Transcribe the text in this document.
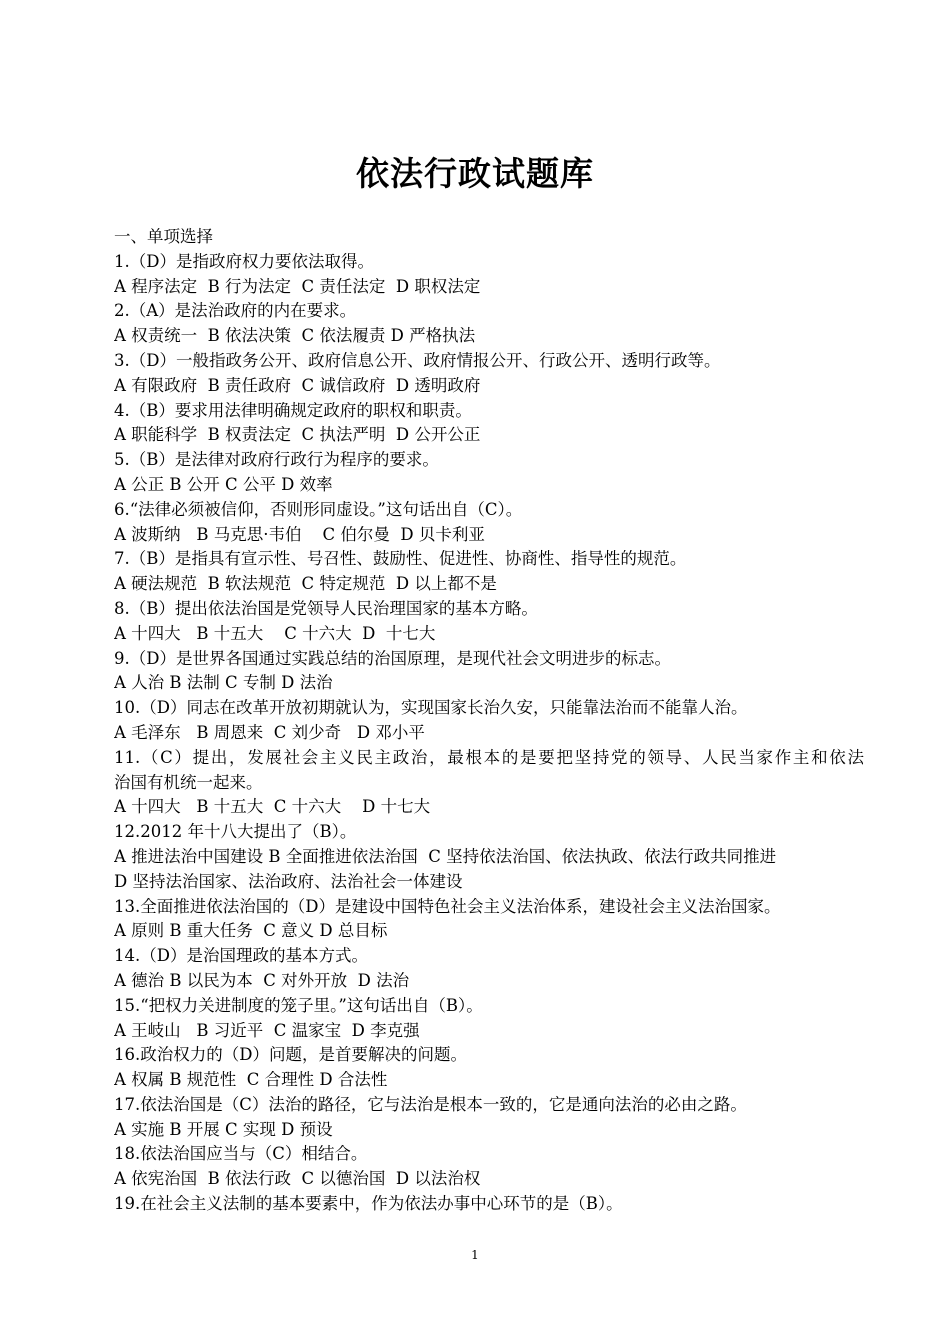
依法行政试题库
一、单项选择
1.（D）是指政府权力要依法取得。
A 程序法定  B 行为法定  C 责任法定  D 职权法定
2.（A）是法治政府的内在要求。
A 权责统一  B 依法决策  C 依法履责 D 严格执法
3.（D）一般指政务公开、政府信息公开、政府情报公开、行政公开、透明行政等。
A 有限政府  B 责任政府  C 诚信政府  D 透明政府
4.（B）要求用法律明确规定政府的职权和职责。
A 职能科学  B 权责法定  C 执法严明  D 公开公正
5.（B）是法律对政府行政行为程序的要求。
A 公正 B 公开 C 公平 D 效率
6.“法律必须被信仰，否则形同虚设。”这句话出自（C）。
A 波斯纳   B 马克思·韦伯    C 伯尔曼  D 贝卡利亚
7.（B）是指具有宣示性、号召性、鼓励性、促进性、协商性、指导性的规范。
A 硬法规范  B 软法规范  C 特定规范  D 以上都不是
8.（B）提出依法治国是党领导人民治理国家的基本方略。
A 十四大   B 十五大    C 十六大  D  十七大
9.（D）是世界各国通过实践总结的治国原理，是现代社会文明进步的标志。
A 人治 B 法制 C 专制 D 法治
10.（D）同志在改革开放初期就认为，实现国家长治久安，只能靠法治而不能靠人治。
A 毛泽东   B 周恩来  C 刘少奇   D 邓小平
11.（C）提出，发展社会主义民主政治，最根本的是要把坚持党的领导、人民当家作主和依法
治国有机统一起来。
A 十四大   B 十五大  C 十六大    D 十七大
12.2012 年十八大提出了（B）。
A 推进法治中国建设 B 全面推进依法治国  C 坚持依法治国、依法执政、依法行政共同推进
D 坚持法治国家、法治政府、法治社会一体建设
13.全面推进依法治国的（D）是建设中国特色社会主义法治体系，建设社会主义法治国家。
A 原则 B 重大任务  C 意义 D 总目标
14.（D）是治国理政的基本方式。
A 德治 B 以民为本  C 对外开放  D 法治
15.“把权力关进制度的笼子里。”这句话出自（B）。
A 王岐山   B 习近平  C 温家宝  D 李克强
16.政治权力的（D）问题，是首要解决的问题。
A 权属 B 规范性  C 合理性 D 合法性
17.依法治国是（C）法治的路径，它与法治是根本一致的，它是通向法治的必由之路。
A 实施 B 开展 C 实现 D 预设
18.依法治国应当与（C）相结合。
A 依宪治国  B 依法行政  C 以德治国  D 以法治权
19.在社会主义法制的基本要素中，作为依法办事中心环节的是（B）。
1
